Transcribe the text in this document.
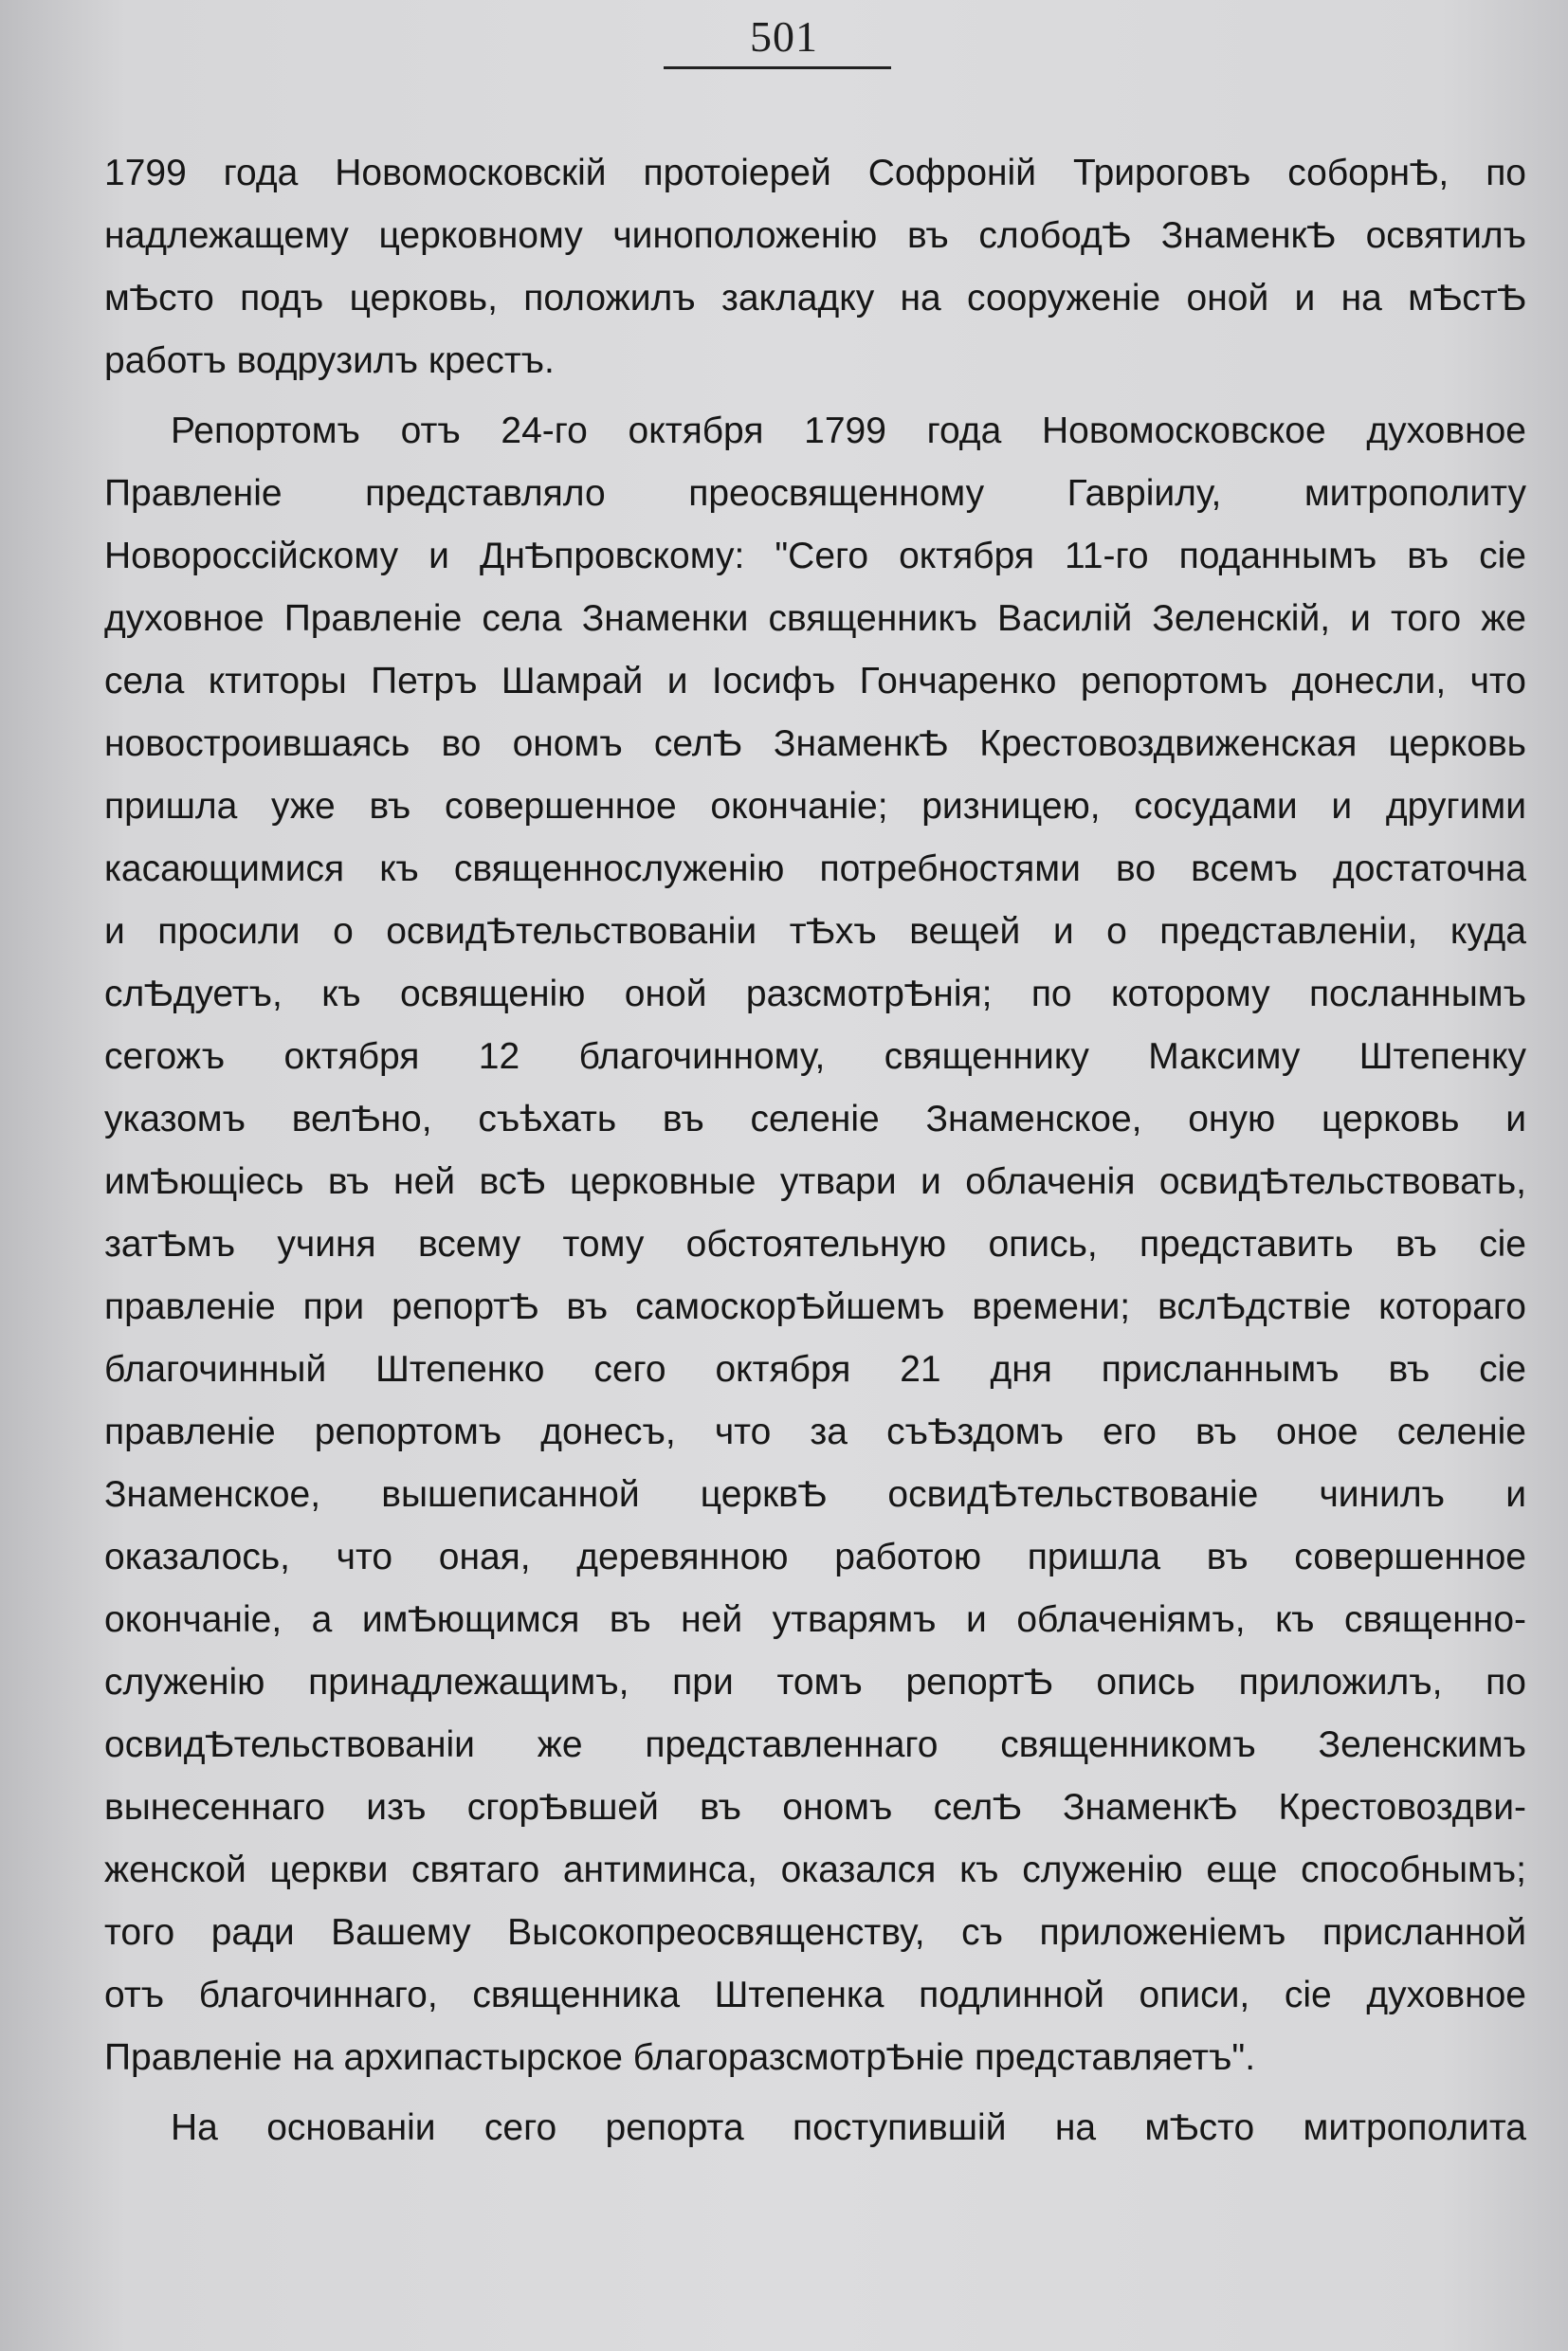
501
1799 года Новомосковскiй протоiерей Софронiй Трироговъ соборнѢ, по
надлежащему церковному чиноположенiю въ слободѢ ЗнаменкѢ освятилъ
мѢсто подъ церковь, положилъ закладку на сооруженiе оной и на мѢстѢ
работъ водрузилъ крестъ.
Репортомъ отъ 24-го октября 1799 года Новомосковское духовное
Правленiе представляло преосвященному Гаврiилу, митрополиту
Новороссiйскому и ДнѢпровскому: "Сего октября 11-го поданнымъ въ сiе
духовное Правленiе села Знаменки священникъ Василiй Зеленскiй, и того же
села ктиторы Петръ Шамрай и Iосифъ Гончаренко репортомъ донесли, что
новостроившаясь во ономъ селѢ ЗнаменкѢ Крестовоздвиженская церковь
пришла уже въ совершенное окончанiе; ризницею, сосудами и другими
касающимися къ священнослуженiю потребностями во всемъ достаточна
и просили о освидѢтельствованiи тѢхъ вещей и о представленiи, куда
слѢдуетъ, къ освященiю оной разсмотрѢнiя; по которому посланнымъ
сегожъ октября 12 благочинному, священнику Максиму Штепенку
указомъ велѢно, съѣхать въ селенiе Знаменское, оную церковь и
имѢющiесь въ ней всѢ церковные утвари и облаченiя освидѢтельствовать,
затѢмъ учиня всему тому обстоятельную опись, представить въ сiе
правленiе при репортѢ въ самоскорѢйшемъ времени; вслѢдствiе котораго
благочинный Штепенко сего октября 21 дня присланнымъ въ сiе
правленiе репортомъ донесъ, что за съѢздомъ его въ оное селенiе
Знаменское, вышеписанной церквѢ освидѢтельствованiе чинилъ и
оказалось, что оная, деревянною работою пришла въ совершенное
окончанiе, а имѢющимся въ ней утварямъ и облаченiямъ, къ священно-
служенiю принадлежащимъ, при томъ репортѢ опись приложилъ, по
освидѢтельствованiи же представленнаго священникомъ Зеленскимъ
вынесеннаго изъ сгорѢвшей въ ономъ селѢ ЗнаменкѢ Крестовоздви-
женской церкви святаго антиминса, оказался къ служенiю еще способнымъ;
того ради Вашему Высокопреосвященству, съ приложенiемъ присланной
отъ благочиннаго, священника Штепенка подлинной описи, сiе духовное
Правленiе на архипастырское благоразсмотрѢнiе представляетъ".
На основанiи сего репорта поступившiй на мѢсто митрополита
